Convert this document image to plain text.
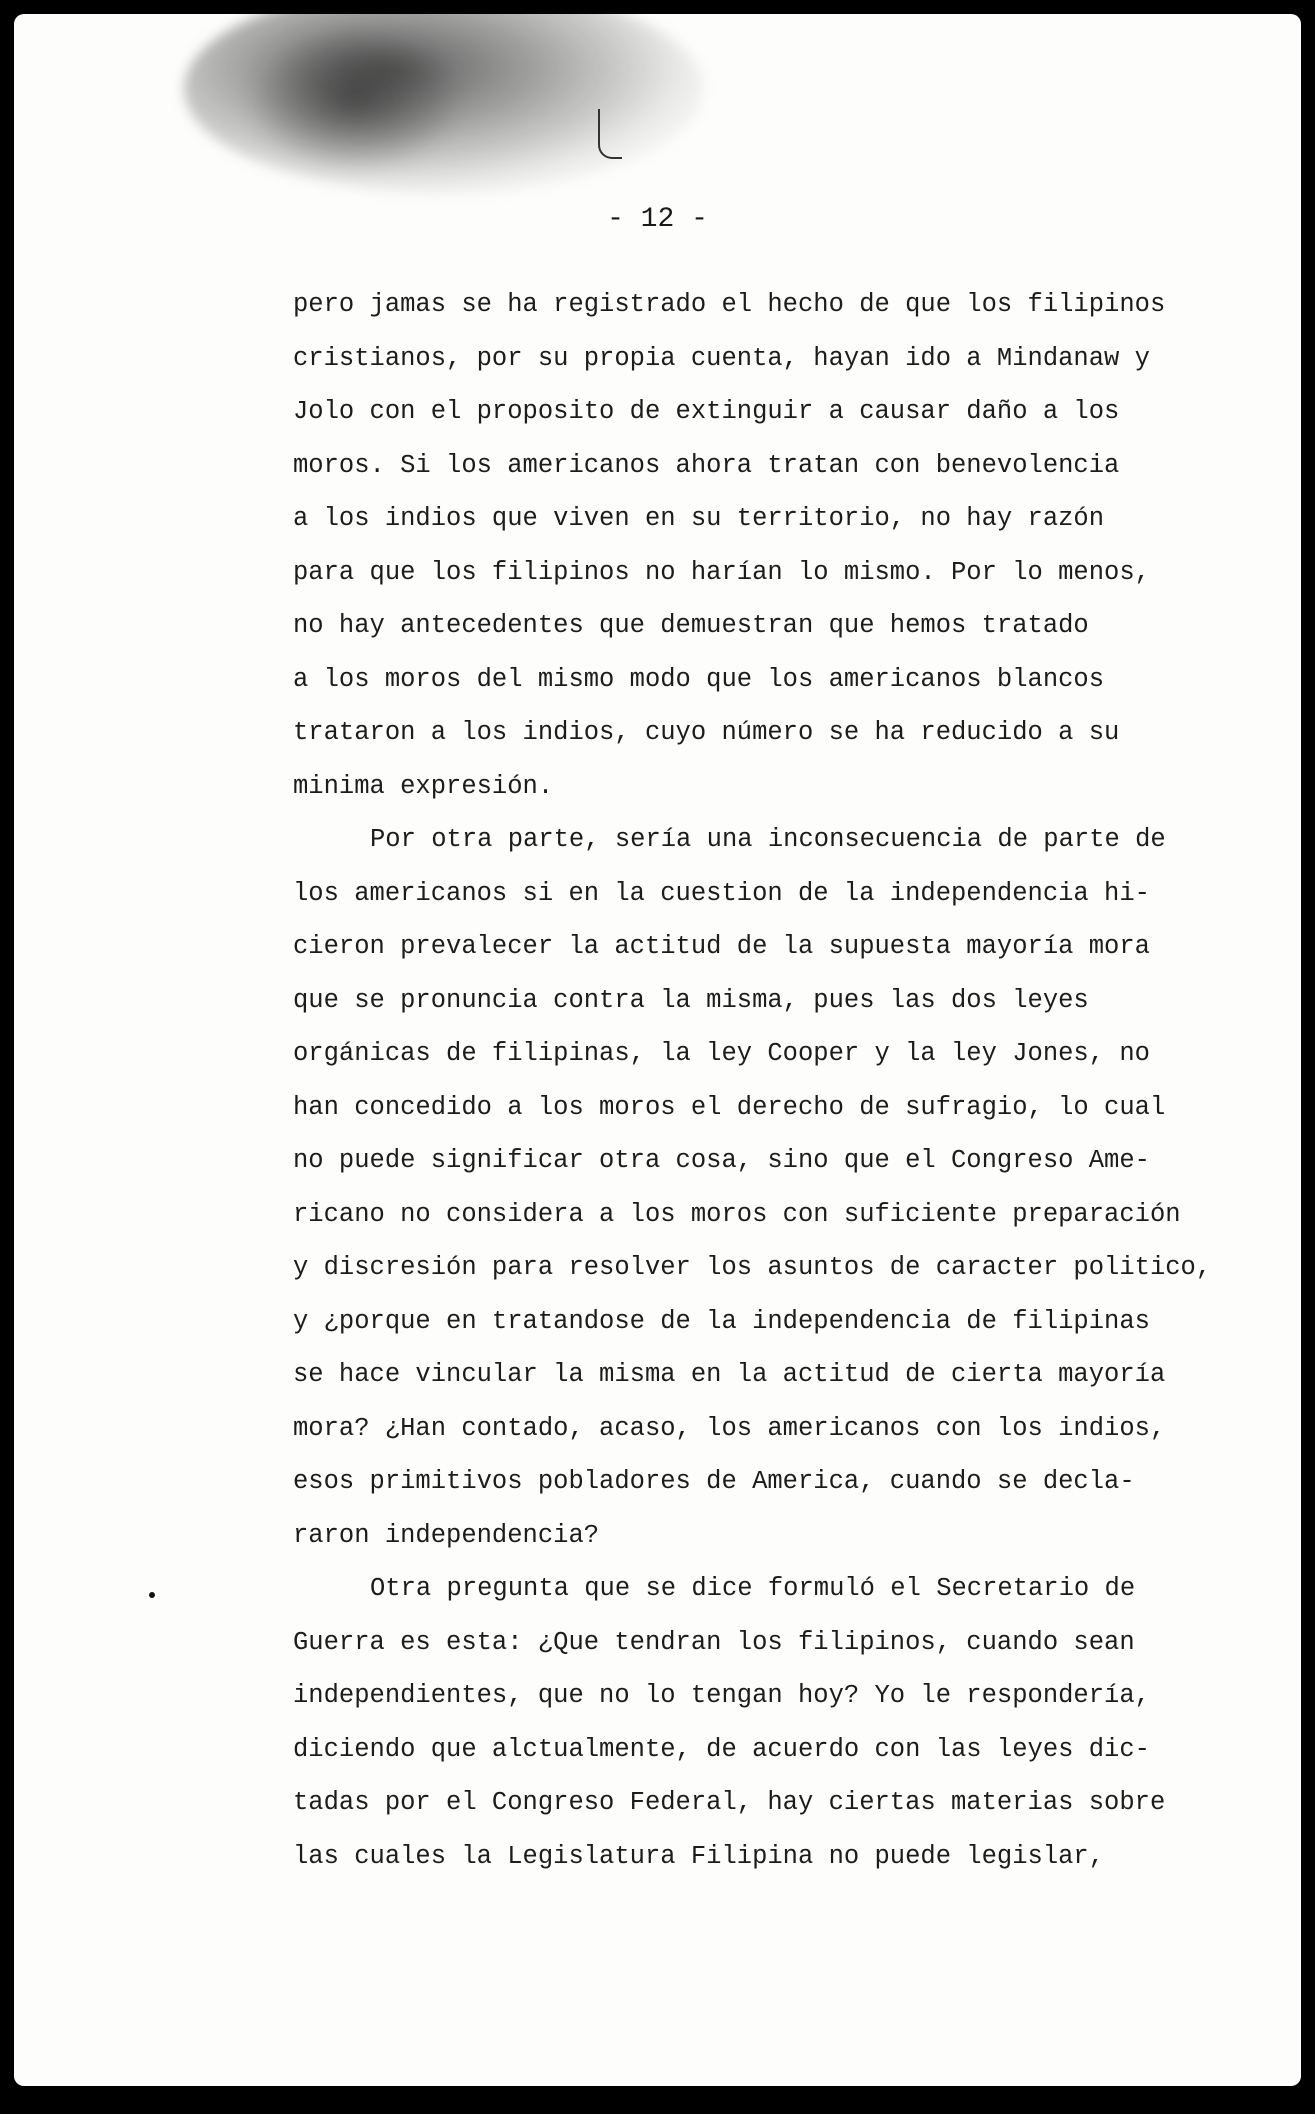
- 12 -

pero jamas se ha registrado el hecho de que los filipinos
cristianos, por su propia cuenta, hayan ido a Mindanaw y
Jolo con el proposito de extinguir a causar daño a los
moros. Si los americanos ahora tratan con benevolencia
a los indios que viven en su territorio, no hay razón
para que los filipinos no harían lo mismo. Por lo menos,
no hay antecedentes que demuestran que hemos tratado
a los moros del mismo modo que los americanos blancos
trataron a los indios, cuyo número se ha reducido a su
minima expresión.
Por otra parte, sería una inconsecuencia de parte de
los americanos si en la cuestion de la independencia hi-
cieron prevalecer la actitud de la supuesta mayoría mora
que se pronuncia contra la misma, pues las dos leyes
orgánicas de filipinas, la ley Cooper y la ley Jones, no
han concedido a los moros el derecho de sufragio, lo cual
no puede significar otra cosa, sino que el Congreso Ame-
ricano no considera a los moros con suficiente preparación
y discresión para resolver los asuntos de caracter politico,
y ¿porque en tratandose de la independencia de filipinas
se hace vincular la misma en la actitud de cierta mayoría
mora? ¿Han contado, acaso, los americanos con los indios,
esos primitivos pobladores de America, cuando se decla-
raron independencia?
Otra pregunta que se dice formuló el Secretario de
Guerra es esta: ¿Que tendran los filipinos, cuando sean
independientes, que no lo tengan hoy? Yo le respondería,
diciendo que alctualmente, de acuerdo con las leyes dic-
tadas por el Congreso Federal, hay ciertas materias sobre
las cuales la Legislatura Filipina no puede legislar,
